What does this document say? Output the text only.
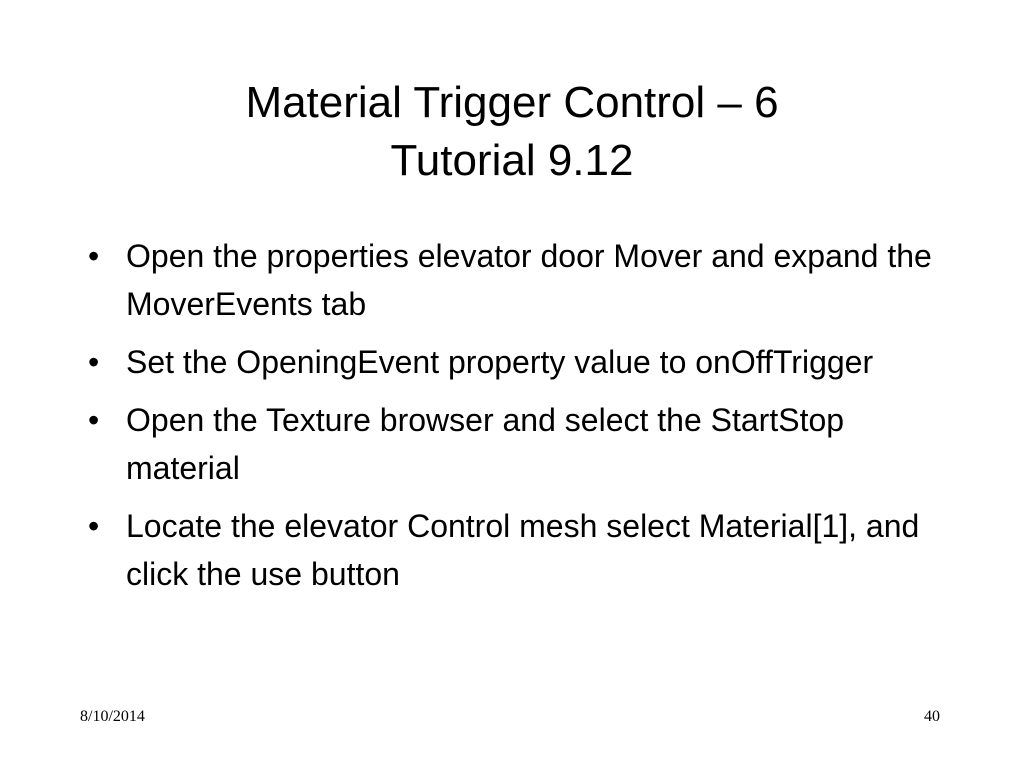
Material Trigger Control – 6
Tutorial 9.12
• Open the properties elevator door Mover and expand the MoverEvents tab
• Set the OpeningEvent property value to onOffTrigger
• Open the Texture browser and select the StartStop material
• Locate the elevator Control mesh select Material[1], and click the use button
8/10/2014	40
